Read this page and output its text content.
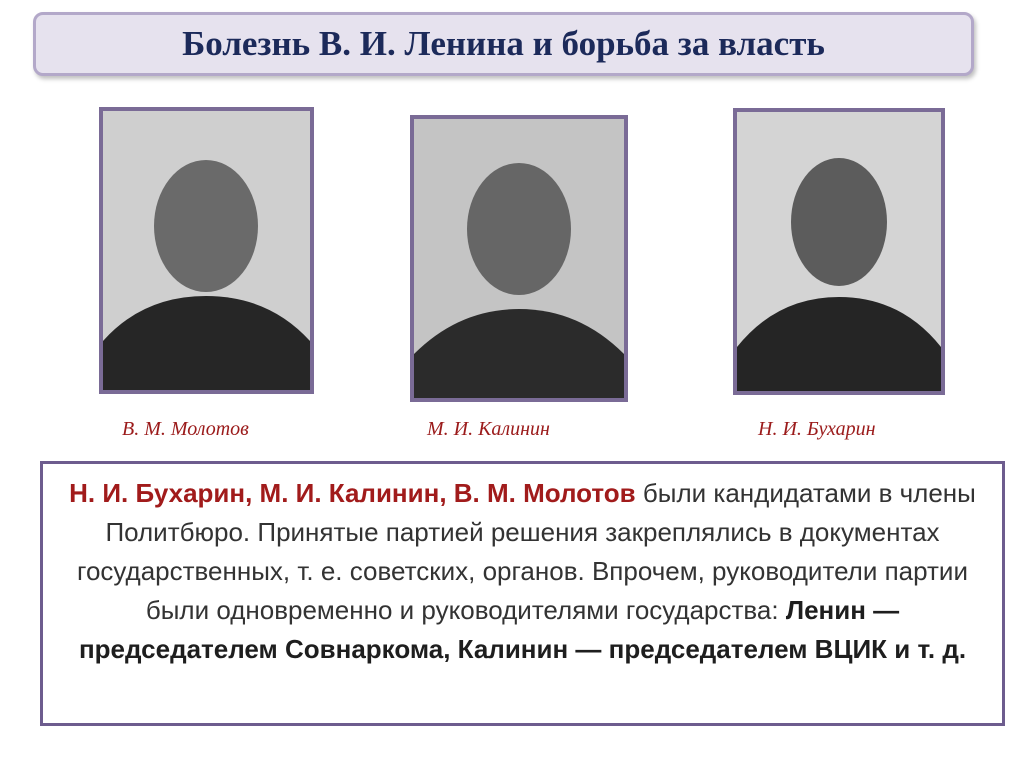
Болезнь В. И. Ленина и борьба за власть
В. М. Молотов	М. И. Калинин	Н. И. Бухарин
Н. И. Бухарин, М. И. Калинин, В. М. Молотов были кандидатами в члены Политбюро. Принятые партией решения закреплялись в документах государственных, т. е. советских, органов. Впрочем, руководители партии были одновременно и руководителями государства: Ленин — председателем Совнаркома, Калинин — председателем ВЦИК и т. д.
